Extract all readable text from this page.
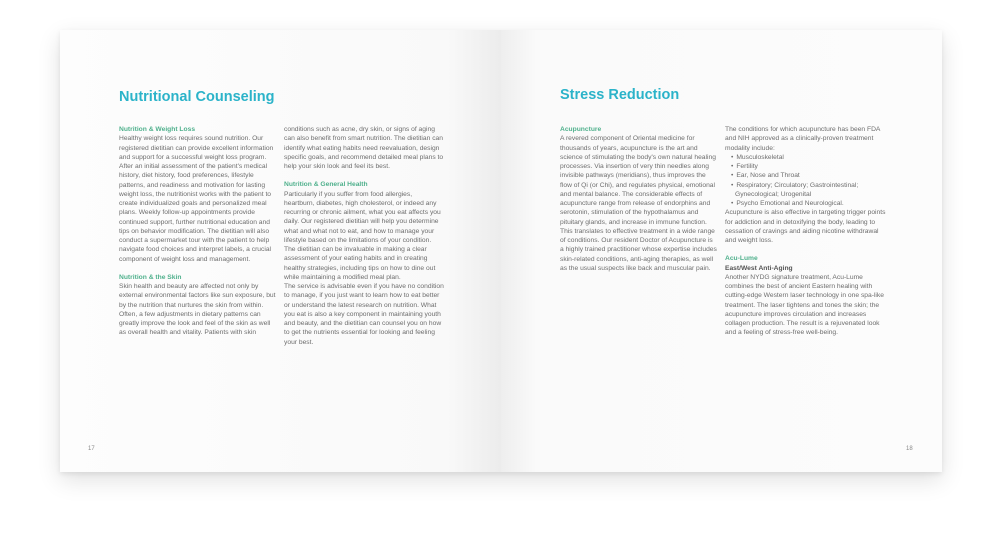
Nutritional Counseling
Nutrition & Weight Loss

Healthy weight loss requires sound nutrition. Our registered dietitian can provide excellent information and support for a successful weight loss program. After an initial assessment of the patient's medical history, diet history, food preferences, lifestyle patterns, and readiness and motivation for lasting weight loss, the nutritionist works with the patient to create individualized goals and personalized meal plans. Weekly follow-up appointments provide continued support, further nutritional education and tips on behavior modification. The dietitian will also conduct a supermarket tour with the patient to help navigate food choices and interpret labels, a crucial component of weight loss and management.

Nutrition & the Skin

Skin health and beauty are affected not only by external environmental factors like sun exposure, but by the nutrition that nurtures the skin from within. Often, a few adjustments in dietary patterns can greatly improve the look and feel of the skin as well as overall health and vitality. Patients with skin

conditions such as acne, dry skin, or signs of aging can also benefit from smart nutrition. The dietitian can identify what eating habits need reevaluation, design specific goals, and recommend detailed meal plans to help your skin look and feel its best.

Nutrition & General Health

Particularly if you suffer from food allergies, heartburn, diabetes, high cholesterol, or indeed any recurring or chronic ailment, what you eat affects you daily. Our registered dietitian will help you determine what and what not to eat, and how to manage your lifestyle based on the limitations of your condition. The dietitian can be invaluable in making a clear assessment of your eating habits and in creating healthy strategies, including tips on how to dine out while maintaining a modified meal plan.

The service is advisable even if you have no condition to manage, if you just want to learn how to eat better or understand the latest research on nutrition. What you eat is also a key component in maintaining youth and beauty, and the dietitian can counsel you on how to get the nutrients essential for looking and feeling your best.

17
Stress Reduction
Acupuncture

A revered component of Oriental medicine for thousands of years, acupuncture is the art and science of stimulating the body's own natural healing processes. Via insertion of very thin needles along invisible pathways (meridians), thus improves the flow of Qi (or Chi), and regulates physical, emotional and mental balance. The considerable effects of acupuncture range from release of endorphins and serotonin, stimulation of the hypothalamus and pituitary glands, and increase in immune function. This translates to effective treatment in a wide range of conditions. Our resident Doctor of Acupuncture is a highly trained practitioner whose expertise includes skin-related conditions, anti-aging therapies, as well as the usual suspects like back and muscular pain.

The conditions for which acupuncture has been FDA and NIH approved as a clinically-proven treatment modality include:

• Musculoskeletal
• Fertility
• Ear, Nose and Throat
• Respiratory; Circulatory; Gastrointestinal; Gynecological; Urogenital
• Psycho Emotional and Neurological.

Acupuncture is also effective in targeting trigger points for addiction and in detoxifying the body, leading to cessation of cravings and aiding nicotine withdrawal and weight loss.

Acu-Lume
East/West Anti-Aging

Another NYDG signature treatment, Acu-Lume combines the best of ancient Eastern healing with cutting-edge Western laser technology in one spa-like treatment. The laser tightens and tones the skin; the acupuncture improves circulation and increases collagen production. The result is a rejuvenated look and a feeling of stress-free well-being.

18
